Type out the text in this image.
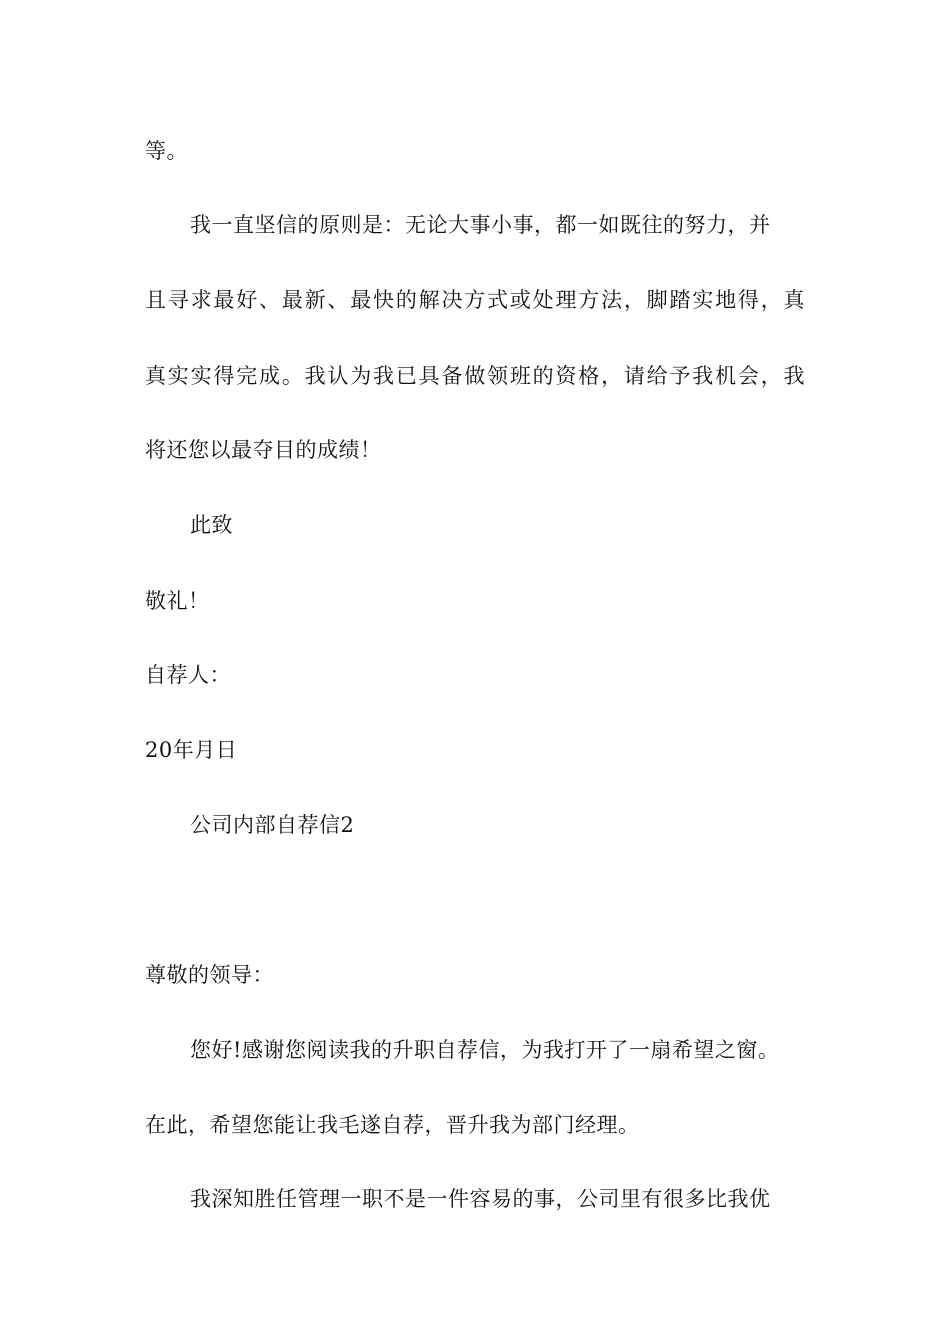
等。
我一直坚信的原则是：无论大事小事，都一如既往的努力，并
且寻求最好、最新、最快的解决方式或处理方法，脚踏实地得，真
真实实得完成。我认为我已具备做领班的资格，请给予我机会，我
将还您以最夺目的成绩！
此致
敬礼！
自荐人：
20年月日
公司内部自荐信2
尊敬的领导：
您好!感谢您阅读我的升职自荐信，为我打开了一扇希望之窗。
在此，希望您能让我毛遂自荐，晋升我为部门经理。
我深知胜任管理一职不是一件容易的事，公司里有很多比我优
